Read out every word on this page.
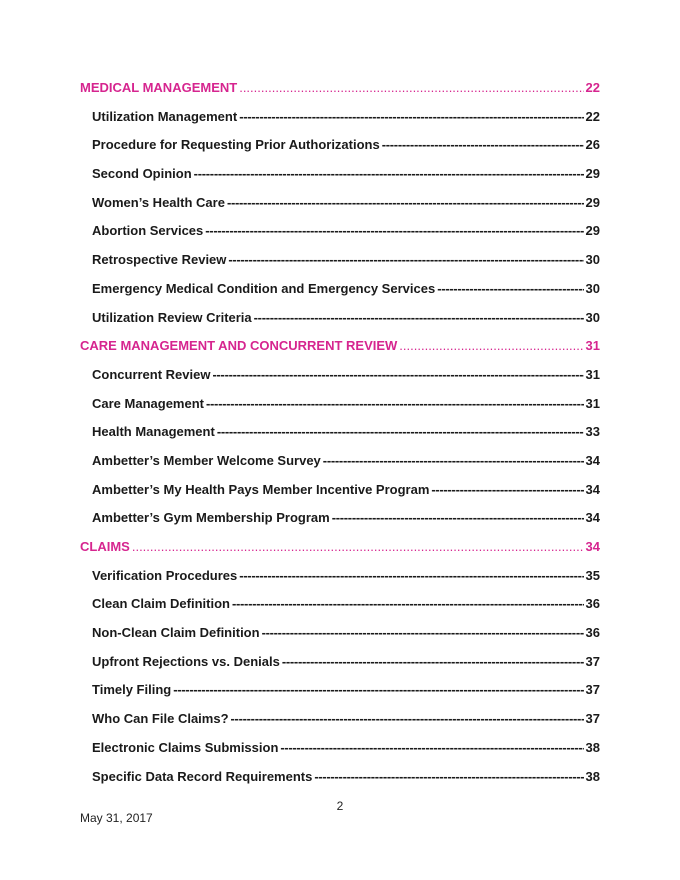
MEDICAL MANAGEMENT .....	22
Utilization Management -----	22
Procedure for Requesting Prior Authorizations -----	26
Second Opinion -----	29
Women’s Health Care -----	29
Abortion Services -----	29
Retrospective Review -----	30
Emergency Medical Condition and Emergency Services -----	30
Utilization Review Criteria -----	30
CARE MANAGEMENT AND CONCURRENT REVIEW .....	31
Concurrent Review -----	31
Care Management -----	31
Health Management -----	33
Ambetter’s Member Welcome Survey -----	34
Ambetter’s My Health Pays Member Incentive Program -----	34
Ambetter’s Gym Membership Program -----	34
CLAIMS .....	34
Verification Procedures -----	35
Clean Claim Definition -----	36
Non-Clean Claim Definition -----	36
Upfront Rejections vs. Denials -----	37
Timely Filing -----	37
Who Can File Claims? -----	37
Electronic Claims Submission -----	38
Specific Data Record Requirements -----	38
2
May 31, 2017
